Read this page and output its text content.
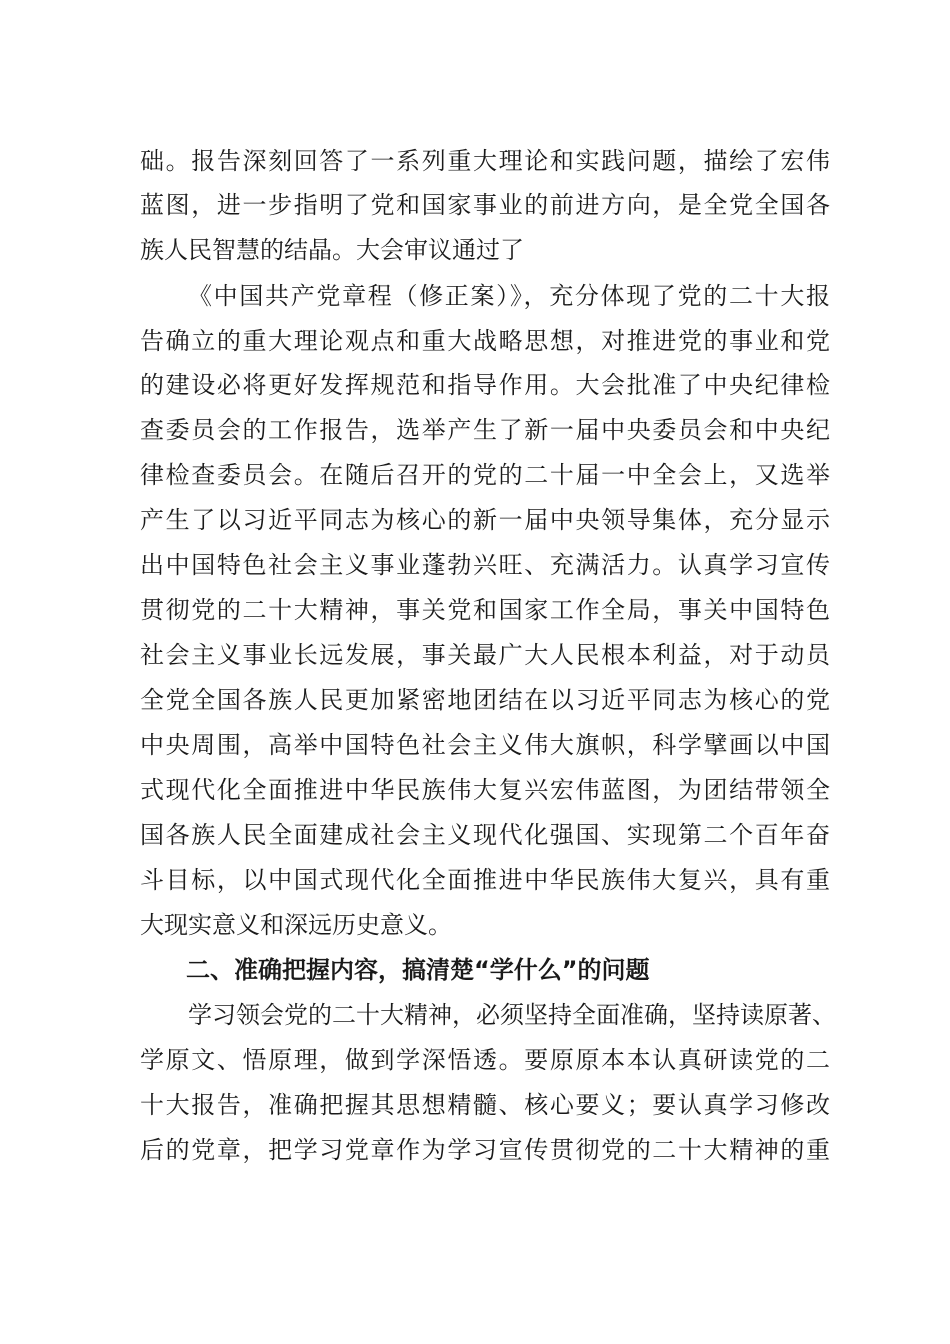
础。报告深刻回答了一系列重大理论和实践问题，描绘了宏伟

蓝图，进一步指明了党和国家事业的前进方向，是全党全国各

族人民智慧的结晶。大会审议通过了

《中国共产党章程（修正案）》，充分体现了党的二十大报

告确立的重大理论观点和重大战略思想，对推进党的事业和党

的建设必将更好发挥规范和指导作用。大会批准了中央纪律检

查委员会的工作报告，选举产生了新一届中央委员会和中央纪

律检查委员会。在随后召开的党的二十届一中全会上，又选举

产生了以习近平同志为核心的新一届中央领导集体，充分显示

出中国特色社会主义事业蓬勃兴旺、充满活力。认真学习宣传

贯彻党的二十大精神，事关党和国家工作全局，事关中国特色

社会主义事业长远发展，事关最广大人民根本利益，对于动员

全党全国各族人民更加紧密地团结在以习近平同志为核心的党

中央周围，高举中国特色社会主义伟大旗帜，科学擘画以中国

式现代化全面推进中华民族伟大复兴宏伟蓝图，为团结带领全

国各族人民全面建成社会主义现代化强国、实现第二个百年奋

斗目标，以中国式现代化全面推进中华民族伟大复兴，具有重

大现实意义和深远历史意义。

二、准确把握内容，搞清楚“学什么”的问题

学习领会党的二十大精神，必须坚持全面准确，坚持读原著、

学原文、悟原理，做到学深悟透。要原原本本认真研读党的二

十大报告，准确把握其思想精髓、核心要义；要认真学习修改

后的党章，把学习党章作为学习宣传贯彻党的二十大精神的重
